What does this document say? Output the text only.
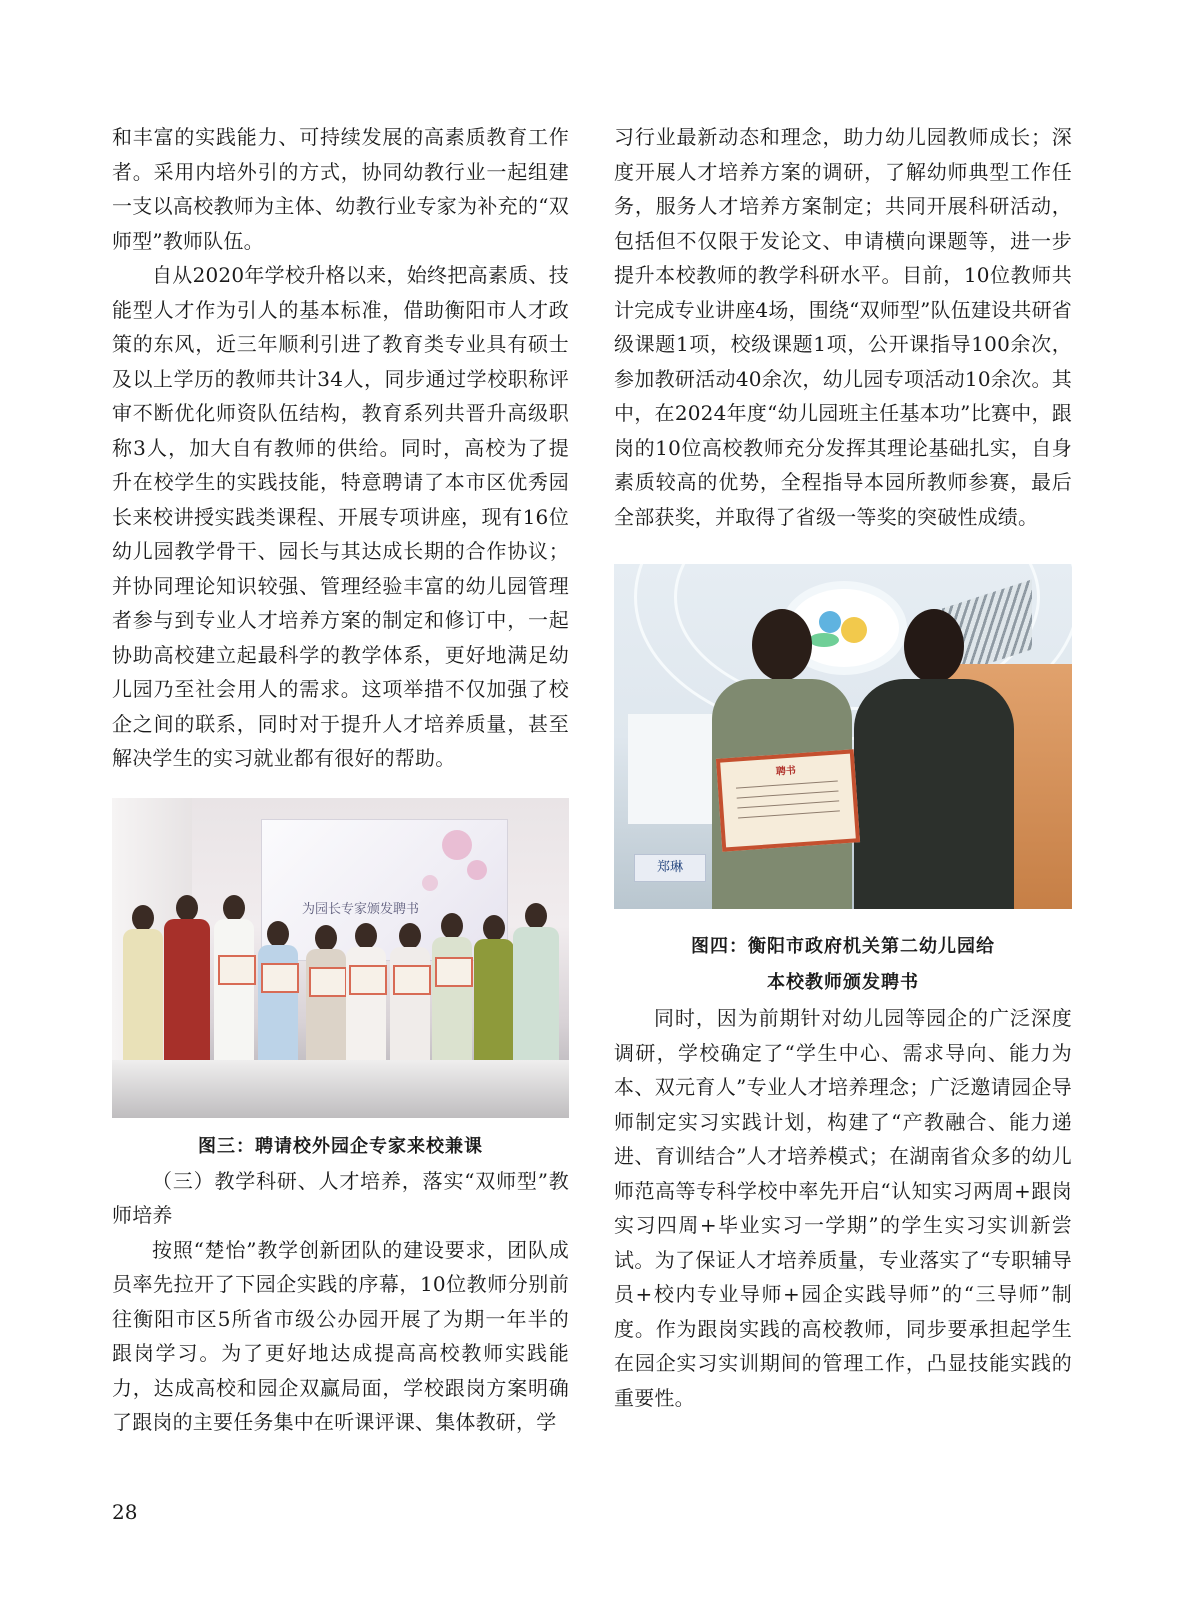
和丰富的实践能力、可持续发展的高素质教育工作者。采用内培外引的方式，协同幼教行业一起组建一支以高校教师为主体、幼教行业专家为补充的“双师型”教师队伍。

自从2020年学校升格以来，始终把高素质、技能型人才作为引人的基本标准，借助衡阳市人才政策的东风，近三年顺利引进了教育类专业具有硕士及以上学历的教师共计34人，同步通过学校职称评审不断优化师资队伍结构，教育系列共晋升高级职称3人，加大自有教师的供给。同时，高校为了提升在校学生的实践技能，特意聘请了本市区优秀园长来校讲授实践类课程、开展专项讲座，现有16位幼儿园教学骨干、园长与其达成长期的合作协议；并协同理论知识较强、管理经验丰富的幼儿园管理者参与到专业人才培养方案的制定和修订中，一起协助高校建立起最科学的教学体系，更好地满足幼儿园乃至社会用人的需求。这项举措不仅加强了校企之间的联系，同时对于提升人才培养质量，甚至解决学生的实习就业都有很好的帮助。

为园长专家颁发聘书

图三：聘请校外园企专家来校兼课

（三）教学科研、人才培养，落实“双师型”教师培养

按照“楚怡”教学创新团队的建设要求，团队成员率先拉开了下园企实践的序幕，10位教师分别前往衡阳市区5所省市级公办园开展了为期一年半的跟岗学习。为了更好地达成提高高校教师实践能力，达成高校和园企双赢局面，学校跟岗方案明确了跟岗的主要任务集中在听课评课、集体教研，学

习行业最新动态和理念，助力幼儿园教师成长；深度开展人才培养方案的调研，了解幼师典型工作任务，服务人才培养方案制定；共同开展科研活动，包括但不仅限于发论文、申请横向课题等，进一步提升本校教师的教学科研水平。目前，10位教师共计完成专业讲座4场，围绕“双师型”队伍建设共研省级课题1项，校级课题1项，公开课指导100余次，参加教研活动40余次，幼儿园专项活动10余次。其中，在2024年度“幼儿园班主任基本功”比赛中，跟岗的10位高校教师充分发挥其理论基础扎实，自身素质较高的优势，全程指导本园所教师参赛，最后全部获奖，并取得了省级一等奖的突破性成绩。

聘书
郑琳

图四：衡阳市政府机关第二幼儿园给

本校教师颁发聘书

同时，因为前期针对幼儿园等园企的广泛深度调研，学校确定了“学生中心、需求导向、能力为本、双元育人”专业人才培养理念；广泛邀请园企导师制定实习实践计划，构建了“产教融合、能力递进、育训结合”人才培养模式；在湖南省众多的幼儿师范高等专科学校中率先开启“认知实习两周+跟岗实习四周+毕业实习一学期”的学生实习实训新尝试。为了保证人才培养质量，专业落实了“专职辅导员+校内专业导师+园企实践导师”的“三导师”制度。作为跟岗实践的高校教师，同步要承担起学生在园企实习实训期间的管理工作，凸显技能实践的重要性。

28
